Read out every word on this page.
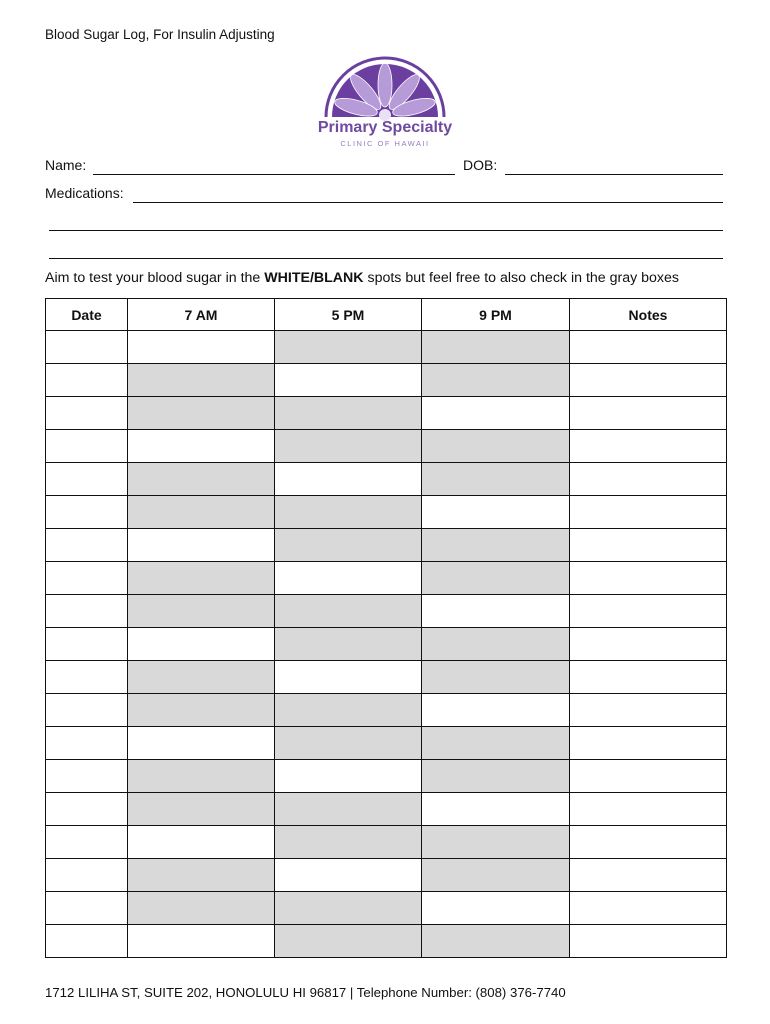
Blood Sugar Log, For Insulin Adjusting
Primary Specialty
CLINIC OF HAWAII
Name:	DOB:
Medications:
Aim to test your blood sugar in the WHITE/BLANK spots but feel free to also check in the gray boxes
Date	7 AM	5 PM	9 PM	Notes

1712 LILIHA ST, SUITE 202, HONOLULU HI 96817 | Telephone Number: (808) 376-7740
